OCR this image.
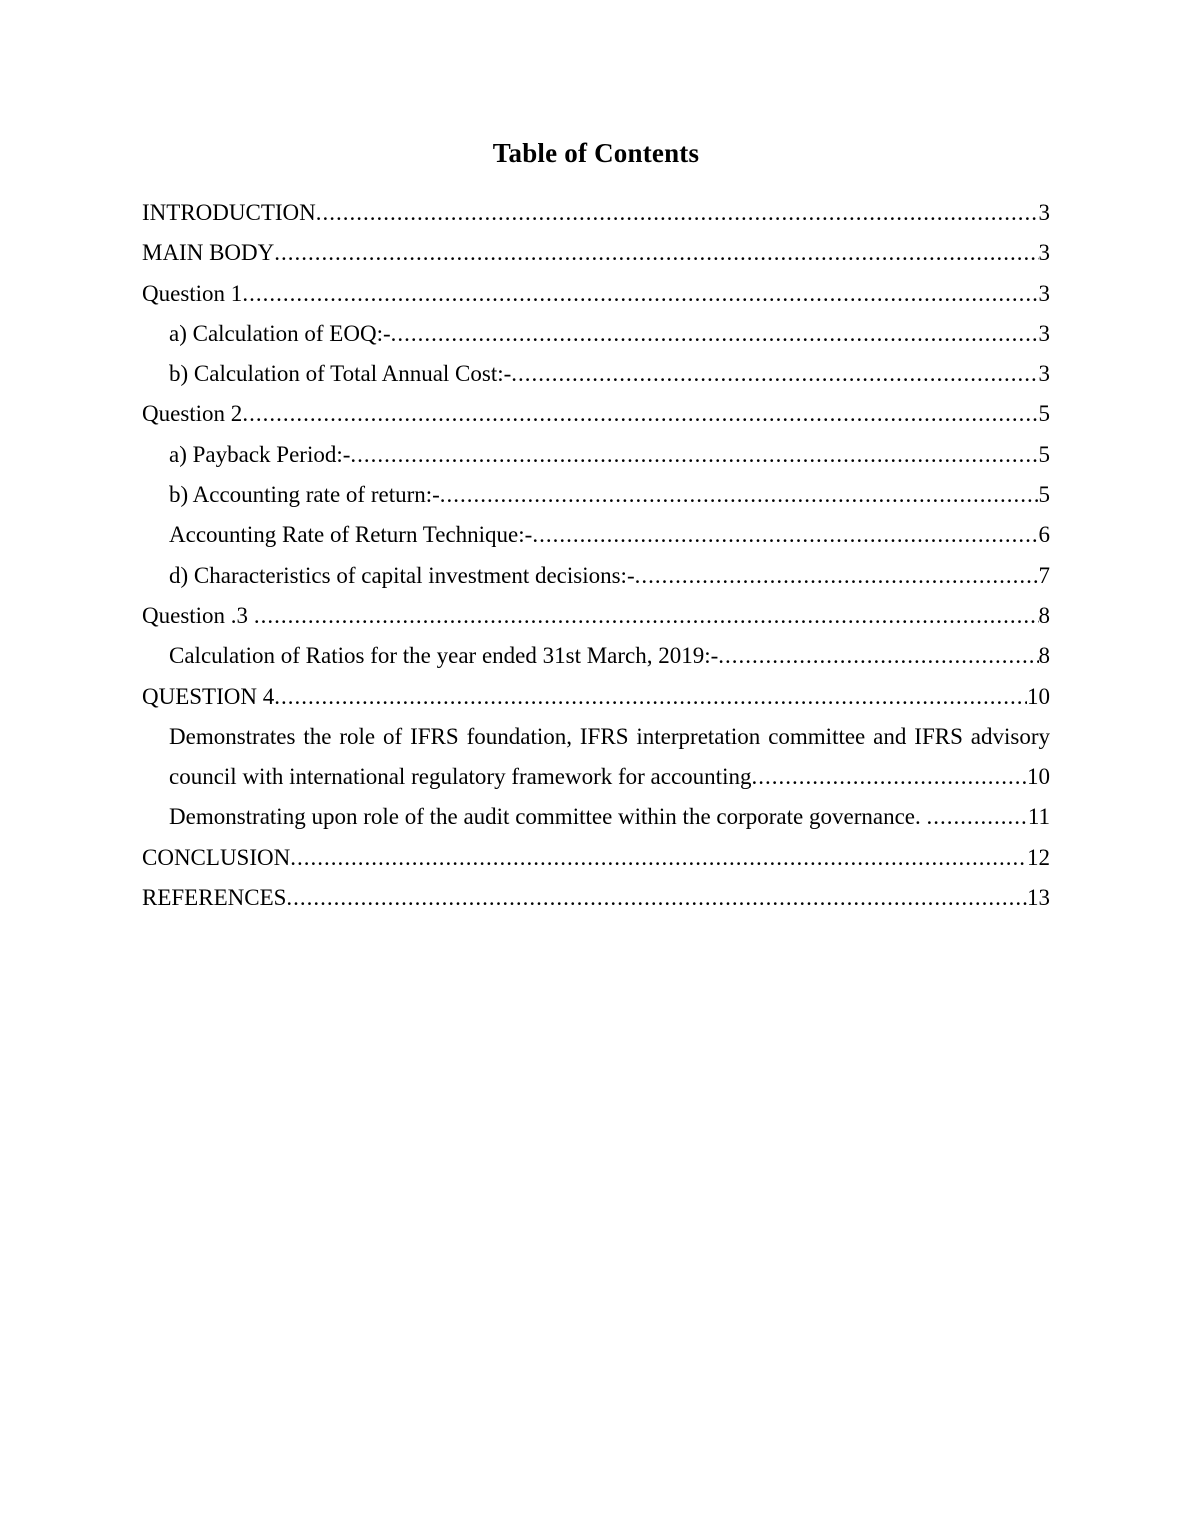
Table of Contents
INTRODUCTION .....	3
MAIN BODY .....	3
Question 1 .....	3
a) Calculation of EOQ:- .....	3
b) Calculation of Total Annual Cost:- .....	3
Question 2 .....	5
a) Payback Period:- .....	5
b) Accounting rate of return:- .....	5
Accounting Rate of Return Technique:- .....	6
d) Characteristics of capital investment decisions:- .....	7
Question .3 .....	8
Calculation of Ratios for the year ended 31st March, 2019:- .....	8
QUESTION 4 .....	10
Demonstrates the role of IFRS foundation, IFRS interpretation committee and IFRS advisory
council with international regulatory framework for accounting .....	10
Demonstrating upon role of the audit committee within the corporate governance. .....	11
CONCLUSION .....	12
REFERENCES .....	13
